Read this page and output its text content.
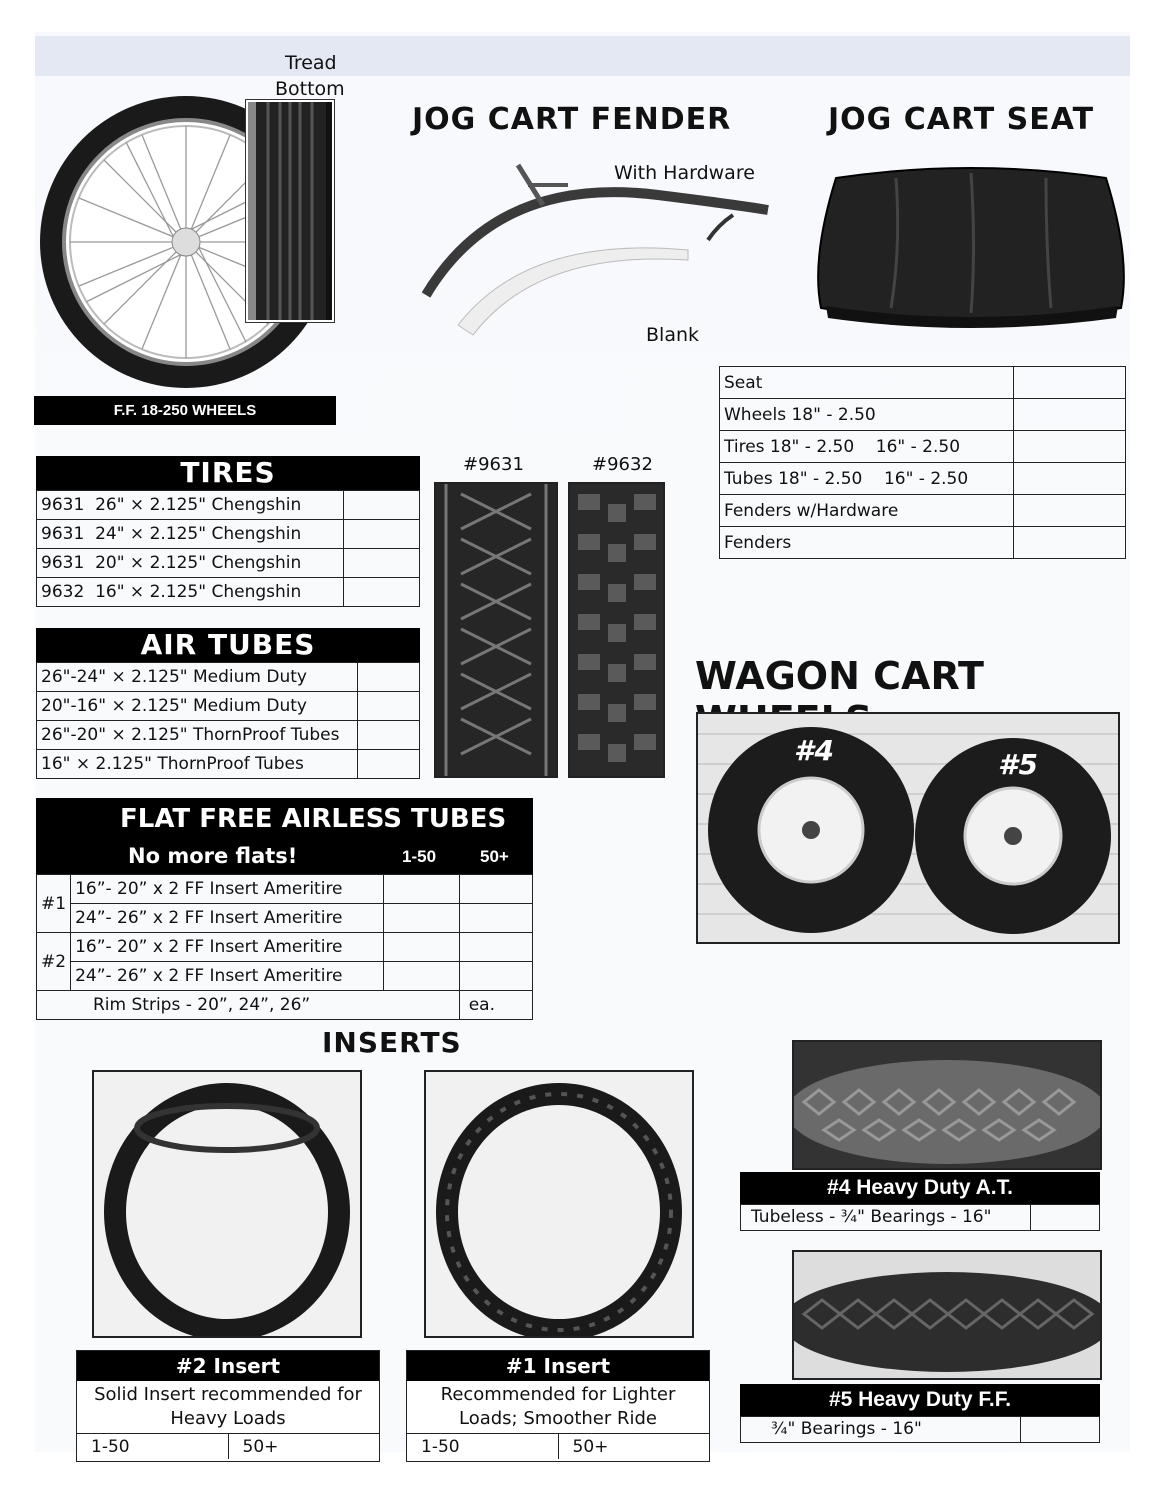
Tread
Bottom
F.F. 18-250 WHEELS
JOG CART FENDER
With Hardware
Blank
JOG CART SEAT
Seat	
Wheels 18" - 2.50	
Tires 18" - 2.50    16" - 2.50	
Tubes 18" - 2.50    16" - 2.50	
Fenders w/Hardware	
Fenders	
TIRES
9631  26" × 2.125" Chengshin	
9631  24" × 2.125" Chengshin	
9631  20" × 2.125" Chengshin	
9632  16" × 2.125" Chengshin	
#9631	#9632
AIR TUBES
26"-24" × 2.125" Medium Duty	
20"-16" × 2.125" Medium Duty	
26"-20" × 2.125" ThornProof Tubes	
16" × 2.125" ThornProof Tubes	
FLAT FREE AIRLESS TUBES
No more flats!	1-50	50+
#1	16”- 20” x 2 FF Insert Ameritire		
	24”- 26” x 2 FF Insert Ameritire		
#2	16”- 20” x 2 FF Insert Ameritire		
	24”- 26” x 2 FF Insert Ameritire		
Rim Strips - 20”, 24”, 26” ea.			

WAGON CART
#4	#5
#4 Heavy Duty A.T.
Tubeless - ¾" Bearings - 16"
#5 Heavy Duty F.F.
¾" Bearings - 16"
INSERTS
#2 Insert
Solid Insert recommended for
Heavy Loads
1-50	50+
#1 Insert
Recommended for Lighter
Loads; Smoother Ride
1-50	50+
